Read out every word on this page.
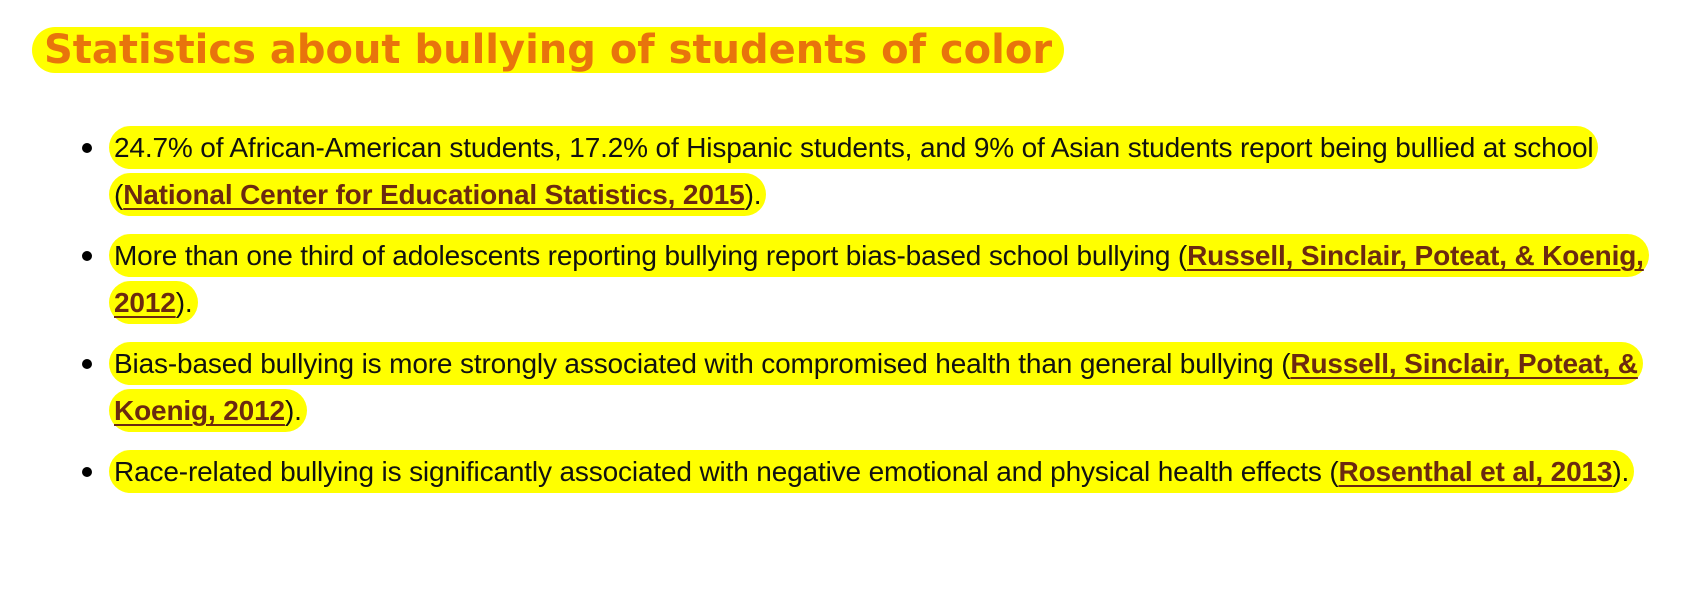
Statistics about bullying of students of color
24.7% of African-American students, 17.2% of Hispanic students, and 9% of Asian students report being bullied at school (National Center for Educational Statistics, 2015).
More than one third of adolescents reporting bullying report bias-based school bullying (Russell, Sinclair, Poteat, & Koenig, 2012).
Bias-based bullying is more strongly associated with compromised health than general bullying (Russell, Sinclair, Poteat, & Koenig, 2012).
Race-related bullying is significantly associated with negative emotional and physical health effects (Rosenthal et al, 2013).
